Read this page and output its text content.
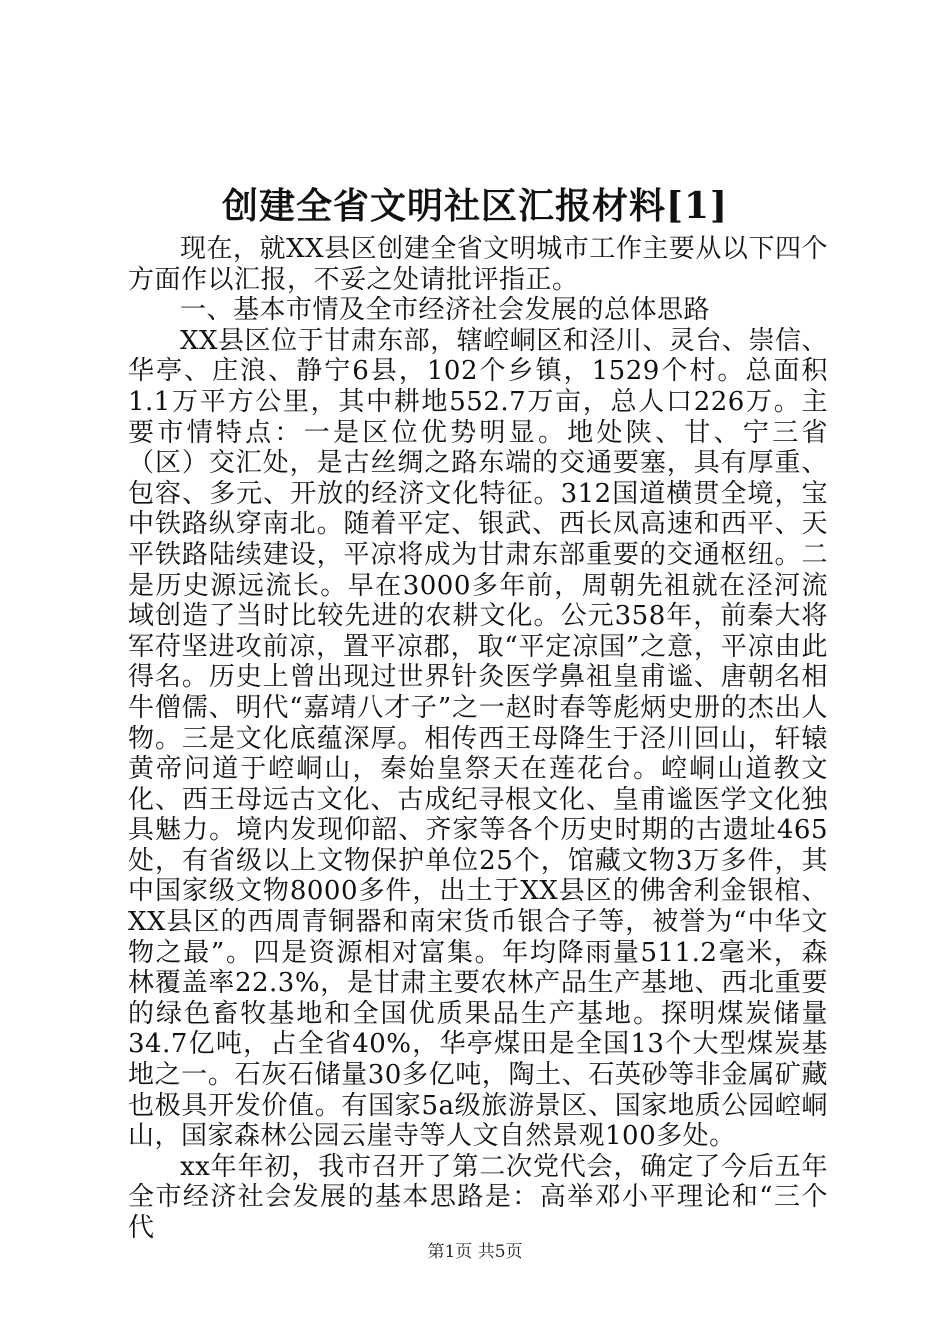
创建全省文明社区汇报材料[1]

现在，就XX县区创建全省文明城市工作主要从以下四个方面作以汇报，不妥之处请批评指正。

一、基本市情及全市经济社会发展的总体思路

XX县区位于甘肃东部，辖崆峒区和泾川、灵台、崇信、华亭、庄浪、静宁6县，102个乡镇，1529个村。总面积1.1万平方公里，其中耕地552.7万亩，总人口226万。主要市情特点：一是区位优势明显。地处陕、甘、宁三省（区）交汇处，是古丝绸之路东端的交通要塞，具有厚重、包容、多元、开放的经济文化特征。312国道横贯全境，宝中铁路纵穿南北。随着平定、银武、西长凤高速和西平、天平铁路陆续建设，平凉将成为甘肃东部重要的交通枢纽。二是历史源远流长。早在3000多年前，周朝先祖就在泾河流域创造了当时比较先进的农耕文化。公元358年，前秦大将军苻坚进攻前凉，置平凉郡，取“平定凉国”之意，平凉由此得名。历史上曾出现过世界针灸医学鼻祖皇甫谧、唐朝名相牛僧儒、明代“嘉靖八才子”之一赵时春等彪炳史册的杰出人物。三是文化底蕴深厚。相传西王母降生于泾川回山，轩辕黄帝问道于崆峒山，秦始皇祭天在莲花台。崆峒山道教文化、西王母远古文化、古成纪寻根文化、皇甫谧医学文化独具魅力。境内发现仰韶、齐家等各个历史时期的古遗址465处，有省级以上文物保护单位25个，馆藏文物3万多件，其中国家级文物8000多件，出土于XX县区的佛舍利金银棺、XX县区的西周青铜器和南宋货币银合子等，被誉为“中华文物之最”。四是资源相对富集。年均降雨量511.2毫米，森林覆盖率22.3%，是甘肃主要农林产品生产基地、西北重要的绿色畜牧基地和全国优质果品生产基地。探明煤炭储量34.7亿吨，占全省40%，华亭煤田是全国13个大型煤炭基地之一。石灰石储量30多亿吨，陶土、石英砂等非金属矿藏也极具开发价值。有国家5a级旅游景区、国家地质公园崆峒山，国家森林公园云崖寺等人文自然景观100多处。

xx年年初，我市召开了第二次党代会，确定了今后五年全市经济社会发展的基本思路是：高举邓小平理论和“三个代

第1页 共5页
